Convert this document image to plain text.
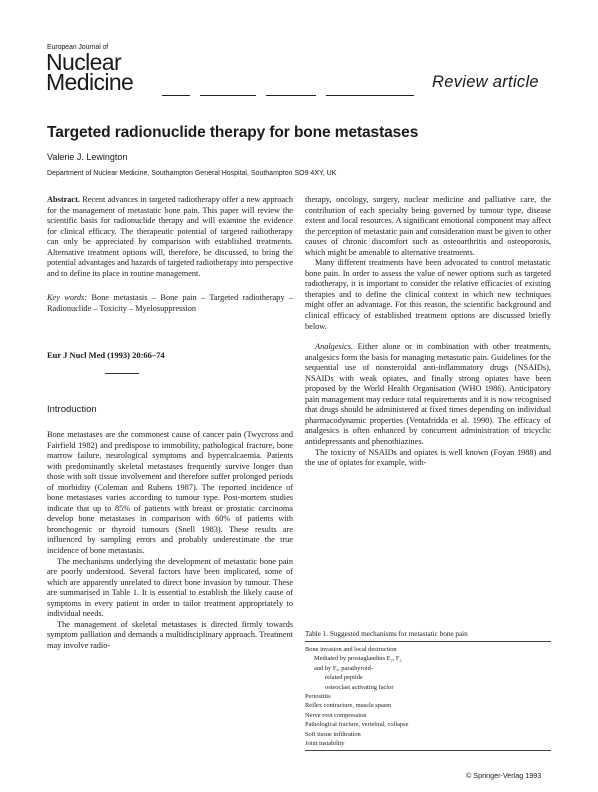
European Journal of
Nuclear
Medicine	Review article
Targeted radionuclide therapy for bone metastases
Valerie J. Lewington
Department of Nuclear Medicine, Southampton General Hospital, Southampton SO9 4XY, UK

Abstract. Recent advances in targeted radiotherapy offer a new approach for the management of metastatic bone pain. This paper will review the scientific basis for radionuclide therapy and will examine the evidence for clinical efficacy. The therapeutic potential of targeted radiotherapy can only be appreciated by comparison with established treatments. Alternative treatment options will, therefore, be discussed, to bring the potential advantages and hazards of targeted radiotherapy into perspective and to define its place in routine management.

Key words: Bone metastasis – Bone pain – Targeted radiotherapy – Radionuclide – Toxicity – Myelosuppression

Eur J Nucl Med (1993) 20:66–74
Introduction

Bone metastases are the commonest cause of cancer pain (Twycross and Fairfield 1982) and predispose to immobility, pathological fracture, bone marrow failure, neurological symptoms and hypercalcaemia. Patients with predominantly skeletal metastases frequently survive longer than those with soft tissue involvement and therefore suffer prolonged periods of morbidity (Coleman and Rubens 1987). The reported incidence of bone metastases varies according to tumour type. Post-mortem studies indicate that up to 85% of patients with breast or prostatic carcinoma develop bone metastases in comparison with 60% of patients with bronchogenic or thyroid tumours (Snell 1983). These results are influenced by sampling errors and probably underestimate the true incidence of bone metastasis.

The mechanisms underlying the development of metastatic bone pain are poorly understood. Several factors have been implicated, some of which are apparently unrelated to direct bone invasion by tumour. These are summarised in Table 1. It is essential to establish the likely cause of symptoms in every patient in order to tailor treatment appropriately to individual needs.

The management of skeletal metastases is directed firmly towards symptom palliation and demands a multidisciplinary approach. Treatment may involve radio-

therapy, oncology, surgery, nuclear medicine and palliative care, the contribution of each specialty being governed by tumour type, disease extent and local resources. A significant emotional component may affect the perception of metastatic pain and consideration must be given to other causes of chronic discomfort such as osteoarthritis and osteoporosis, which might be amenable to alternative treatments.

Many different treatments have been advocated to control metastatic bone pain. In order to assess the value of newer options such as targeted radiotherapy, it is important to consider the relative efficacies of existing therapies and to define the clinical context in which new techniques might offer an advantage. For this reason, the scientific background and clinical efficacy of established treatment options are discussed briefly below.

Analgesics. Either alone or in combination with other treatments, analgesics form the basis for managing metastatic pain. Guidelines for the sequential use of nonsteroidal anti-inflammatory drugs (NSAIDs), NSAIDs with weak opiates, and finally strong opiates have been proposed by the World Health Organisation (WHO 1986). Anticipatory pain management may reduce total requirements and it is now recognised that drugs should be administered at fixed times depending on individual pharmacodynamic properties (Ventafridda et al. 1990). The efficacy of analgesics is often enhanced by concurrent administration of tricyclic antidepressants and phenothiazines.

The toxicity of NSAIDs and opiates is well known (Foyan 1988) and the use of opiates for example, with-

Table 1. Suggested mechanisms for metastatic bone pain
Bone invasion and local destruction
Mediated by prostaglandins E₂, F₂
and by Fₐ, parathyroid-
related peptide
osteoclast activating factor
Periostitis
Reflex contracture, muscle spasm
Nerve root compression
Pathological fracture, vertebral, collapse
Soft tissue infiltration
Joint instability
© Springer-Verlag 1993
